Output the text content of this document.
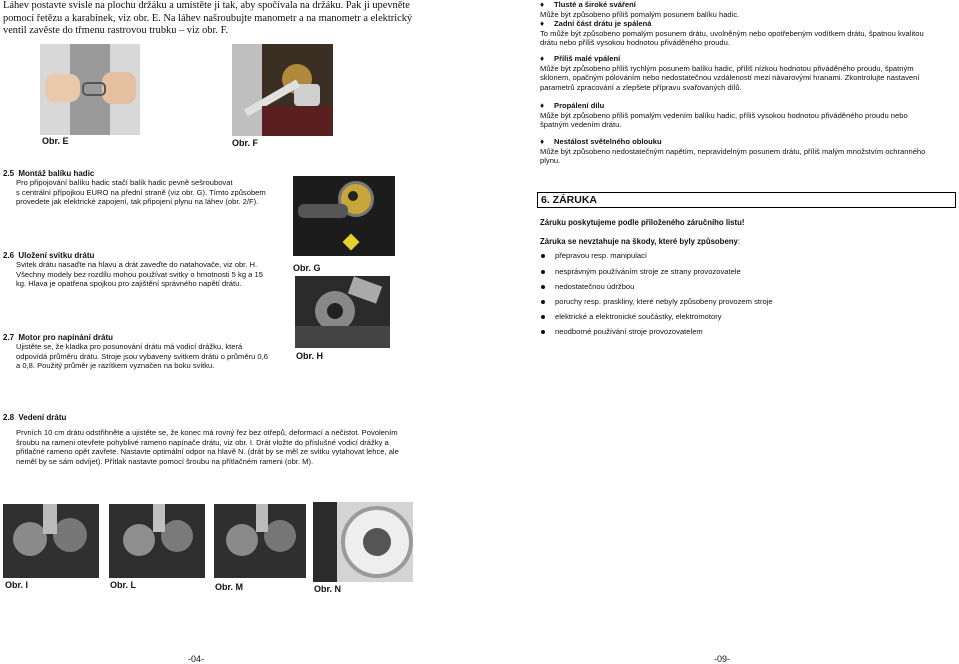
Láhev postavte svisle na plochu držáku a umístěte ji tak, aby spočívala na držáku. Pak ji upevněte
pomocí řetězu a karabinek, viz obr. E. Na láhev našroubujte manometr a na manometr a elektrický
ventil zavěste do třmenu rastrovou trubku – viz obr. F.
Obr. E	Obr. F
2.5 Montáž balíku hadic
Pro připojování balíku hadic stačí balík hadic pevně sešroubovat
s centrální přípojkou EURO na přední straně (viz obr. G). Tímto způsobem
provedete jak elektrické zapojení, tak připojení plynu na láhev (obr. 2/F).
Obr. G
2.6 Uložení svitku drátu
Svitek drátu nasaďte na hlavu a drát zaveďte do natahovače, viz obr. H.
Všechny modely bez rozdílu mohou používat svitky o hmotnosti 5 kg a 15
kg. Hlava je opatřena spojkou pro zajištění správného napětí drátu.
Obr. H
2.7 Motor pro napínání drátu
Ujistěte se, že kladka pro posunování drátu má vodicí drážku, která
odpovídá průměru drátu. Stroje jsou vybaveny svitkem drátu o průměru 0,6
a 0,8. Použitý průměr je razítkem vyznačen na boku svitku.
2.8 Vedení drátu
Prvních 10 cm drátu odstřihněte a ujistěte se, že konec má rovný řez bez otřepů, deformací a nečistot. Povolením
šroubu na rameni otevřete pohyblivé rameno napínače drátu, viz obr. I. Drát vložte do příslušné vodicí drážky a
přitlačné rameno opět zavřete. Nastavte optimální odpor na hlavě N. (drát by se měl ze svitku vytahovat lehce, ale
neměl by se sám odvíjet). Přítlak nastavte pomocí šroubu na přítlačném rameni (obr. M).
Obr. I	Obr. L	Obr. M	Obr. N
-04-
♦ Tlusté a široké sváření
Může být způsobeno příliš pomalým posunem balíku hadic.
♦ Zadní část drátu je spálená
To může být způsobeno pomalým posunem drátu, uvolněným nebo opotřebeným vodítkem drátu, špatnou kvalitou
drátu nebo příliš vysokou hodnotou přiváděného proudu.
♦ Příliš malé vpálení
Může být způsobeno příliš rychlým posunem balíku hadic, příliš nízkou hodnotou přiváděného proudu, špatným
sklonem, opačným pólováním nebo nedostatečnou vzdáleností mezi návarovými hranami. Zkontrolujte nastavení
parametrů zpracování a zlepšete přípravu svařovaných dílů.
♦ Propálení dílu
Může být způsobeno příliš pomalým vedením balíku hadic, příliš vysokou hodnotou přiváděného proudu nebo
špatným vedením drátu.
♦ Nestálost světelného oblouku
Může být způsobeno nedostatečným napětím, nepravidelným posunem drátu, příliš malým množstvím ochranného
plynu.
6. ZÁRUKA
Záruku poskytujeme podle přiloženého záručního listu!
Záruka se nevztahuje na škody, které byly způsobeny:
přepravou resp. manipulací
nesprávným používáním stroje ze strany provozovatele
nedostatečnou údržbou
poruchy resp. praskliny, které nebyly způsobeny provozem stroje
elektrické a elektronické součástky, elektromotory
neodborné používání stroje provozovatelem
-09-
